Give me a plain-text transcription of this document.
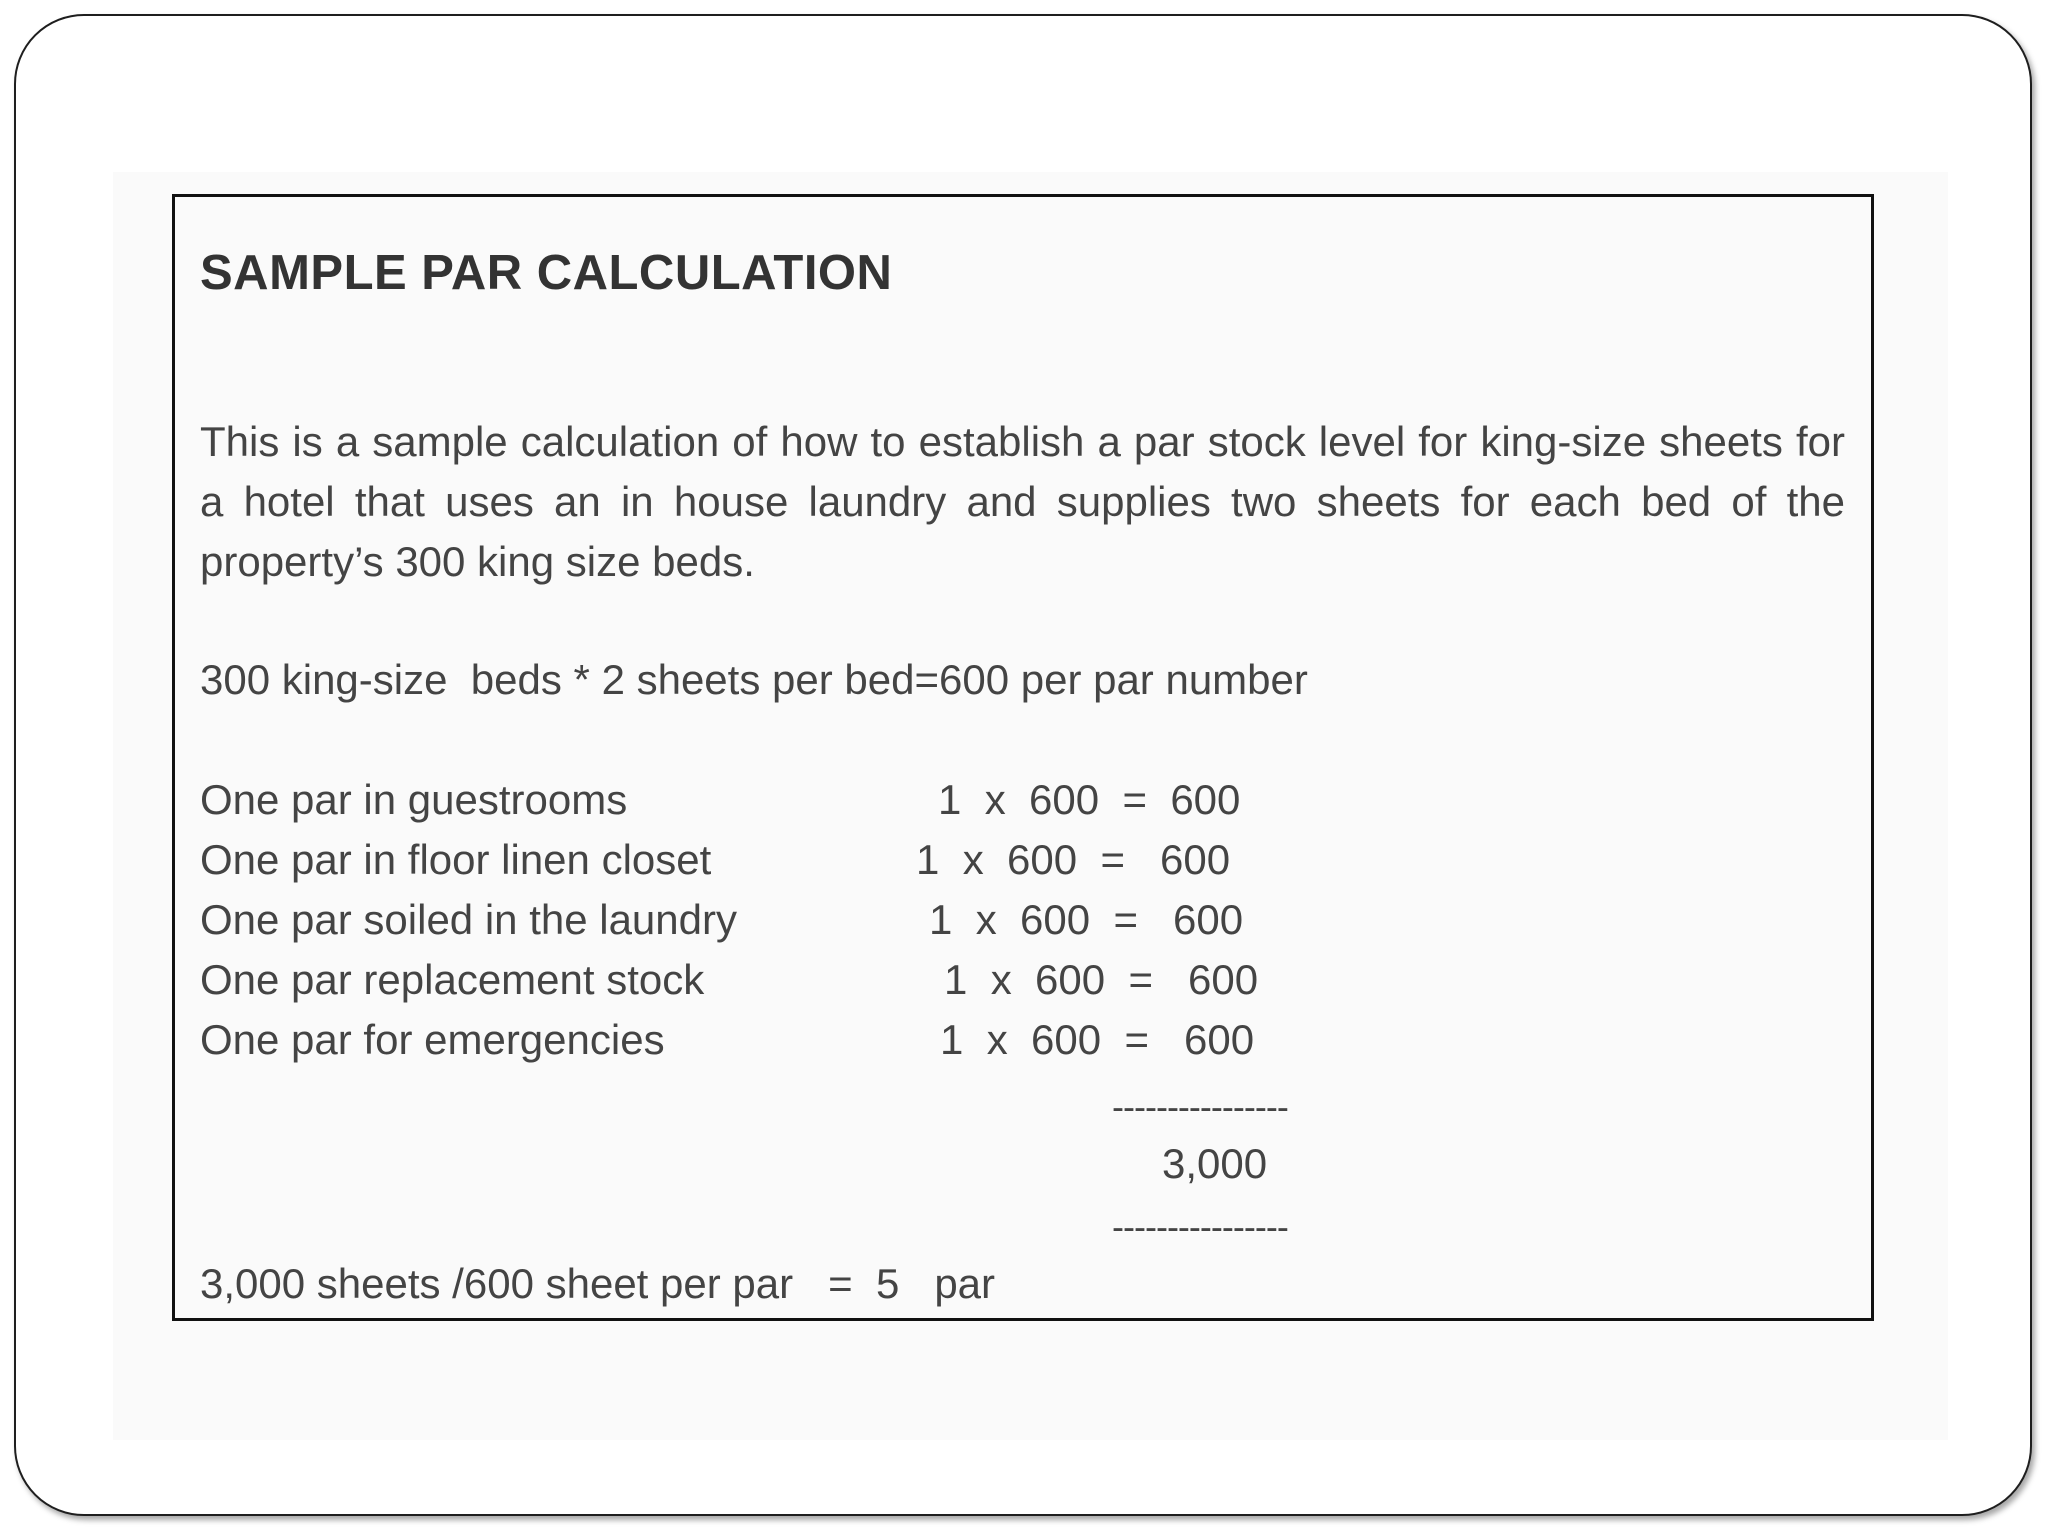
SAMPLE PAR CALCULATION

This is a sample calculation of how to establish a par stock level for king-size sheets for a hotel that uses an in house laundry and supplies two sheets for each bed of the property’s 300 king size beds.

300 king-size  beds * 2 sheets per bed=600 per par number

One par in guestrooms	1  x  600  =  600
One par in floor linen closet	1  x  600  =   600
One par soiled in the laundry	1  x  600  =   600
One par replacement stock	1  x  600  =   600
One par for emergencies	1  x  600  =   600
----------------
3,000
----------------
3,000 sheets /600 sheet per par   =  5   par
